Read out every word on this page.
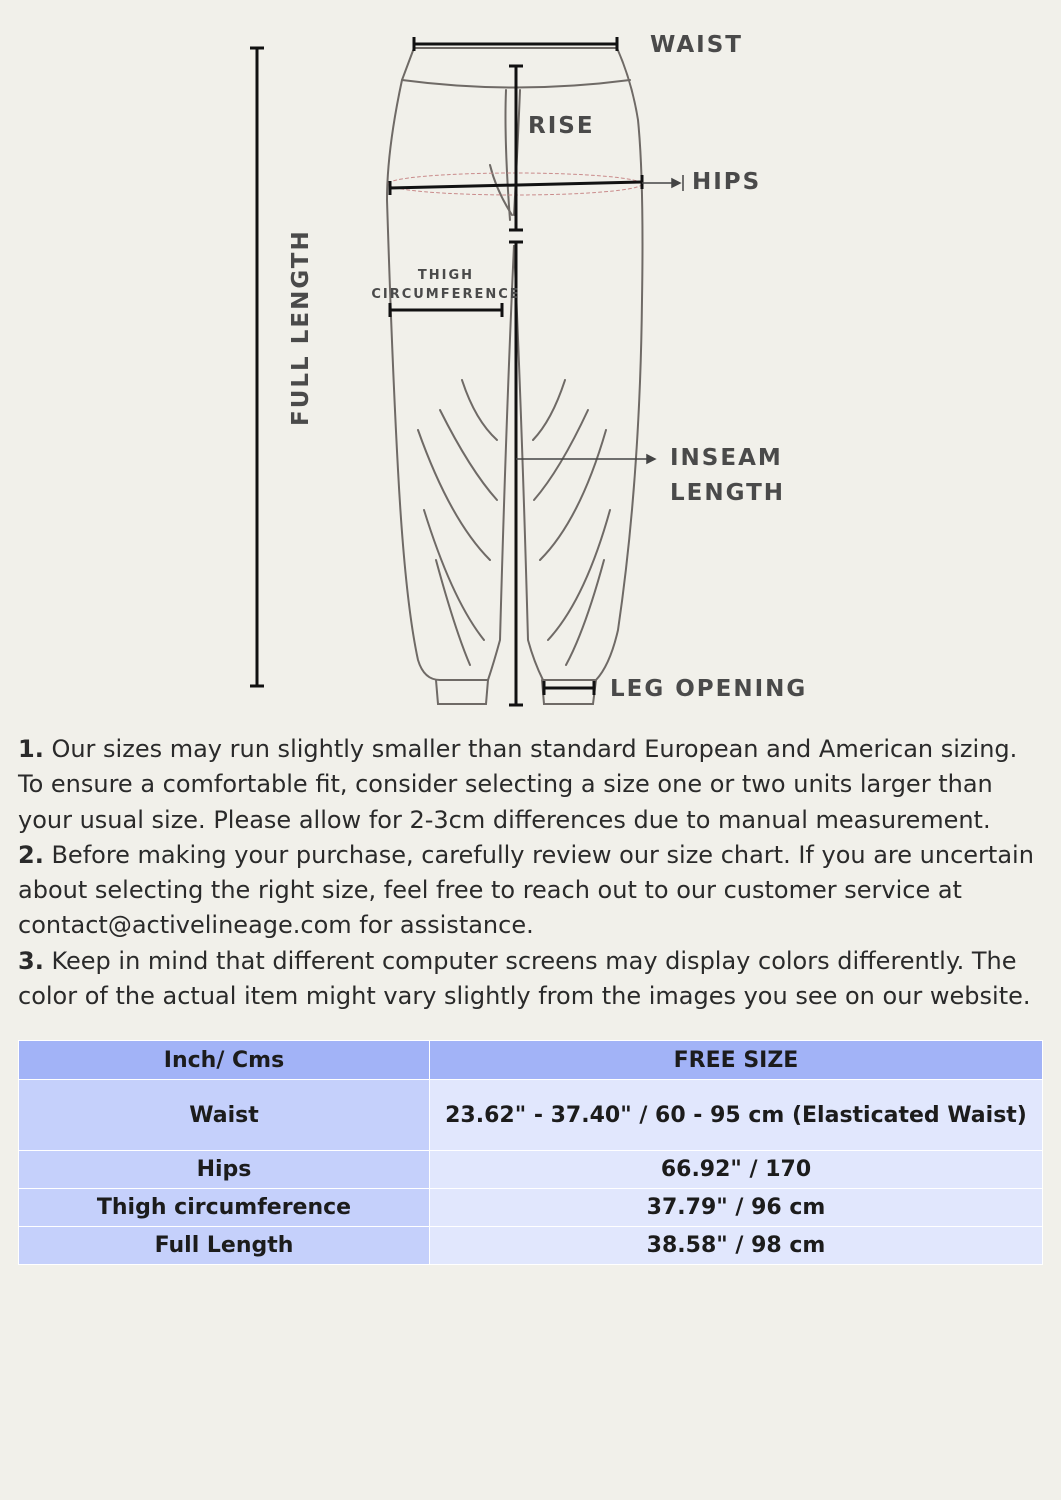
WAIST
RISE
HIPS
THIGH
CIRCUMFERENCE
FULL LENGTH
INSEAM
LENGTH
LEG OPENING

1. Our sizes may run slightly smaller than standard European and American sizing. To ensure a comfortable fit, consider selecting a size one or two units larger than your usual size. Please allow for 2-3cm differences due to manual measurement.

2. Before making your purchase, carefully review our size chart. If you are uncertain about selecting the right size, feel free to reach out to our customer service at contact@activelineage.com for assistance.

3. Keep in mind that different computer screens may display colors differently. The color of the actual item might vary slightly from the images you see on our website.

Inch/ Cms	FREE SIZE
Waist	23.62" - 37.40" / 60 - 95 cm (Elasticated Waist)
Hips	66.92" / 170
Thigh circumference	37.79" / 96 cm
Full Length	38.58" / 98 cm
